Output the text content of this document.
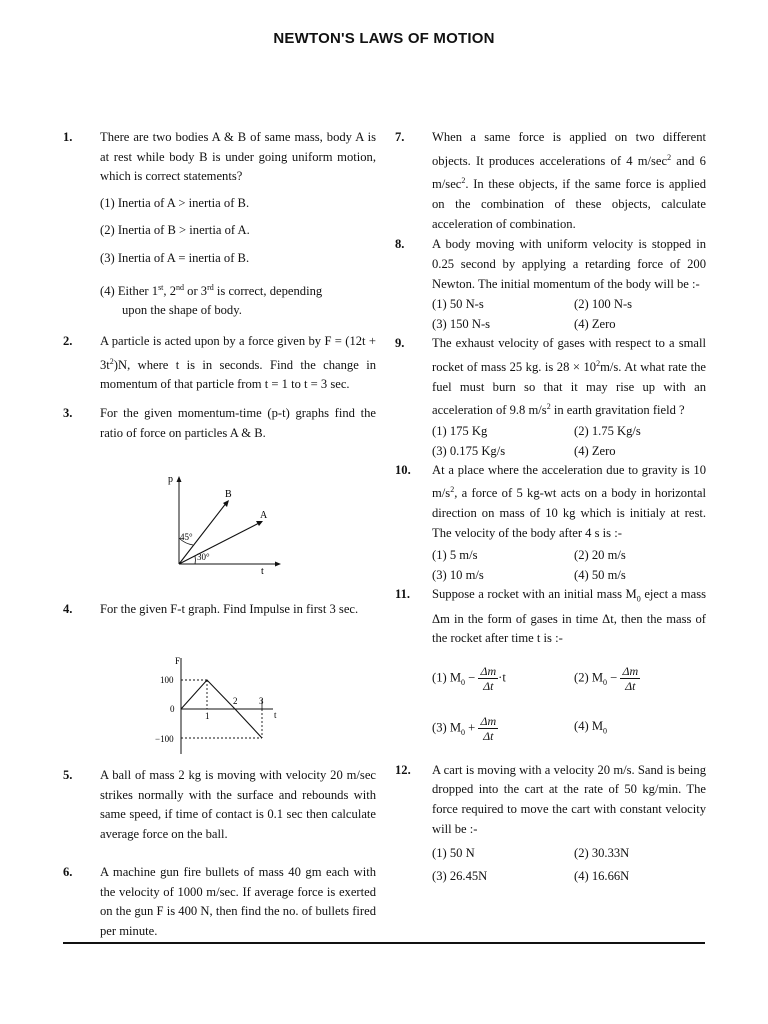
NEWTON'S LAWS OF MOTION
1. There are two bodies A & B of same mass, body A is at rest while body B is under going uniform motion, which is correct statements?
(1) Inertia of A > inertia of B.
(2) Inertia of B > inertia of A.
(3) Inertia of A = inertia of B.
(4) Either 1st, 2nd or 3rd is correct, depending
upon the shape of body.
2. A particle is acted upon by a force given by $F = (12t + 3t^2)N$, where t is in seconds. Find the change in momentum of that particle from t = 1 to t = 3 sec.
3. For the given momentum-time (p-t) graphs find the ratio of force on particles A & B.
p
t
B
A
45°
30°
4. For the given F-t graph. Find Impulse in first 3 sec.
F
t
100
0
−100
1
2 3
5. A ball of mass 2 kg is moving with velocity 20 m/sec strikes normally with the surface and rebounds with same speed, if time of contact is 0.1 sec then calculate average force on the ball.
6. A machine gun fire bullets of mass 40 gm each with the velocity of 1000 m/sec. If average force is exerted on the gun F is 400 N, then find the no. of bullets fired per minute.
7. When a same force is applied on two different objects. It produces accelerations of 4 $m/\sec^2$ and 6 $m/\sec^2$. In these objects, if the same force is applied on the combination of these objects, calculate acceleration of combination.
8. A body moving with uniform velocity is stopped in 0.25 second by applying a retarding force of 200 Newton. The initial momentum of the body will be :-
(1) 50 N-s	(2) 100 N-s
(3) 150 N-s	(4) Zero
9. The exhaust velocity of gases with respect to a small rocket of mass 25 kg. is $28 \times 10^2m/s$. At what rate the fuel must burn so that it may rise up with an acceleration of 9.8 $m/s^2$ in earth gravitation field ?
(1) 175 Kg	(2) 1.75 Kg/s
(3) 0.175 Kg/s	(4) Zero
10. At a place where the acceleration due to gravity is 10 $m/s^2$, a force of 5 kg-wt acts on a body in horizontal direction on mass of 10 kg which is initialy at rest. The velocity of the body after 4 s is :-
(1) 5 m/s	(2) 20 m/s
(3) 10 m/s	(4) 50 m/s
11. Suppose a rocket with an initial mass $M_0$ eject a mass Δm in the form of gases in time Δt, then the mass of the rocket after time t is :-
(1) $M_0 - \frac{\Delta m}{\Delta t} \cdot t$	(2) $M_0 - \frac{\Delta m}{\Delta t}$
(3) $M_0 + \frac{\Delta m}{\Delta t}$	(4) $M_0$
12. A cart is moving with a velocity 20 m/s. Sand is being dropped into the cart at the rate of 50 kg/min. The force required to move the cart with constant velocity will be :-
(1) 50 N	(2) 30.33N
(3) 26.45N	(4) 16.66N
